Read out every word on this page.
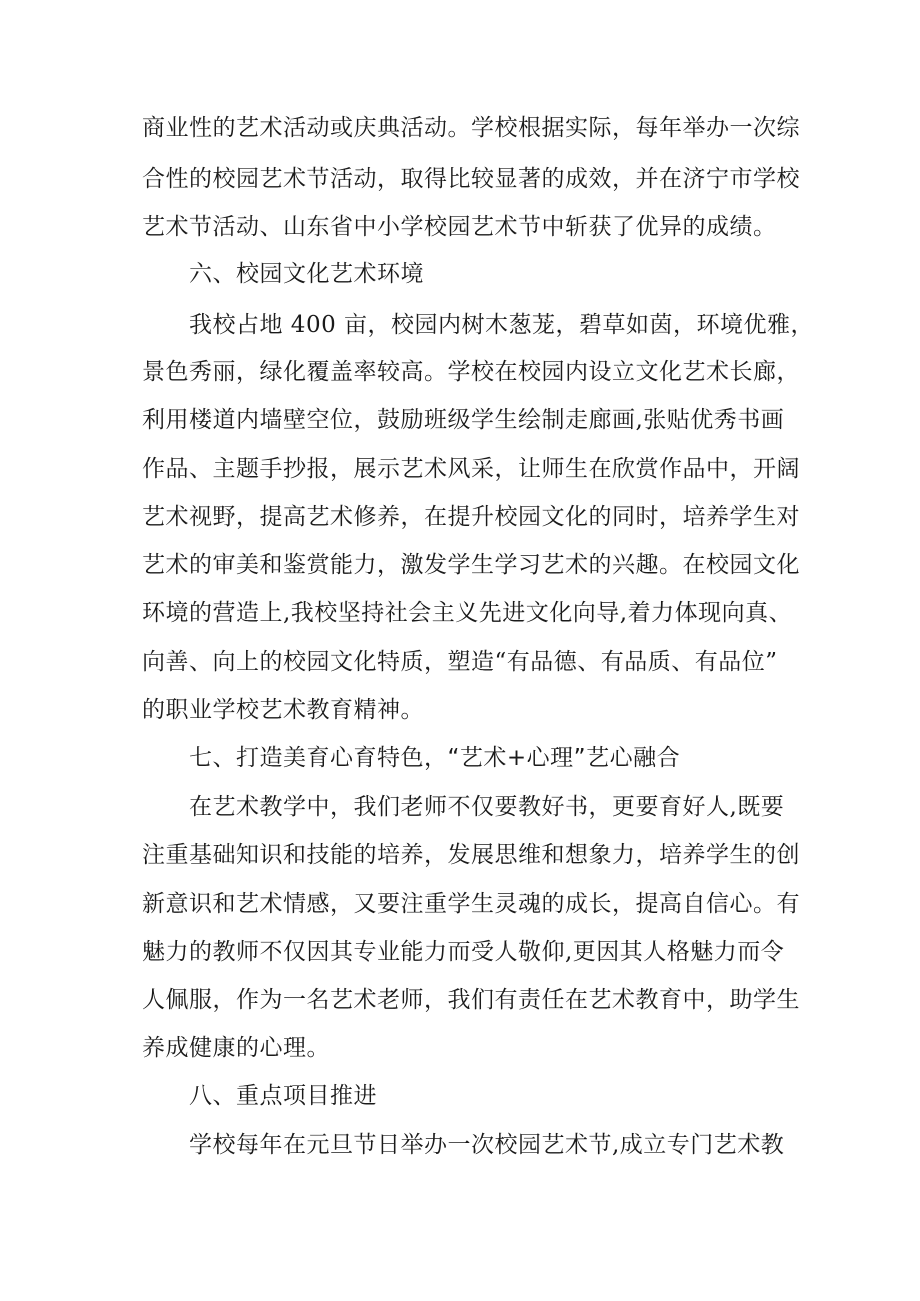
商业性的艺术活动或庆典活动。学校根据实际，每年举办一次综
合性的校园艺术节活动，取得比较显著的成效，并在济宁市学校
艺术节活动、山东省中小学校园艺术节中斩获了优异的成绩。
六、校园文化艺术环境
我校占地 400 亩，校园内树木葱茏，碧草如茵，环境优雅，
景色秀丽，绿化覆盖率较高。学校在校园内设立文化艺术长廊，
利用楼道内墙壁空位，鼓励班级学生绘制走廊画,张贴优秀书画
作品、主题手抄报，展示艺术风采，让师生在欣赏作品中，开阔
艺术视野，提高艺术修养，在提升校园文化的同时，培养学生对
艺术的审美和鉴赏能力，激发学生学习艺术的兴趣。在校园文化
环境的营造上,我校坚持社会主义先进文化向导,着力体现向真、
向善、向上的校园文化特质，塑造“有品德、有品质、有品位”
的职业学校艺术教育精神。
七、打造美育心育特色，“艺术+心理”艺心融合
在艺术教学中，我们老师不仅要教好书，更要育好人,既要
注重基础知识和技能的培养，发展思维和想象力，培养学生的创
新意识和艺术情感，又要注重学生灵魂的成长，提高自信心。有
魅力的教师不仅因其专业能力而受人敬仰,更因其人格魅力而令
人佩服，作为一名艺术老师，我们有责任在艺术教育中，助学生
养成健康的心理。
八、重点项目推进
学校每年在元旦节日举办一次校园艺术节,成立专门艺术教
